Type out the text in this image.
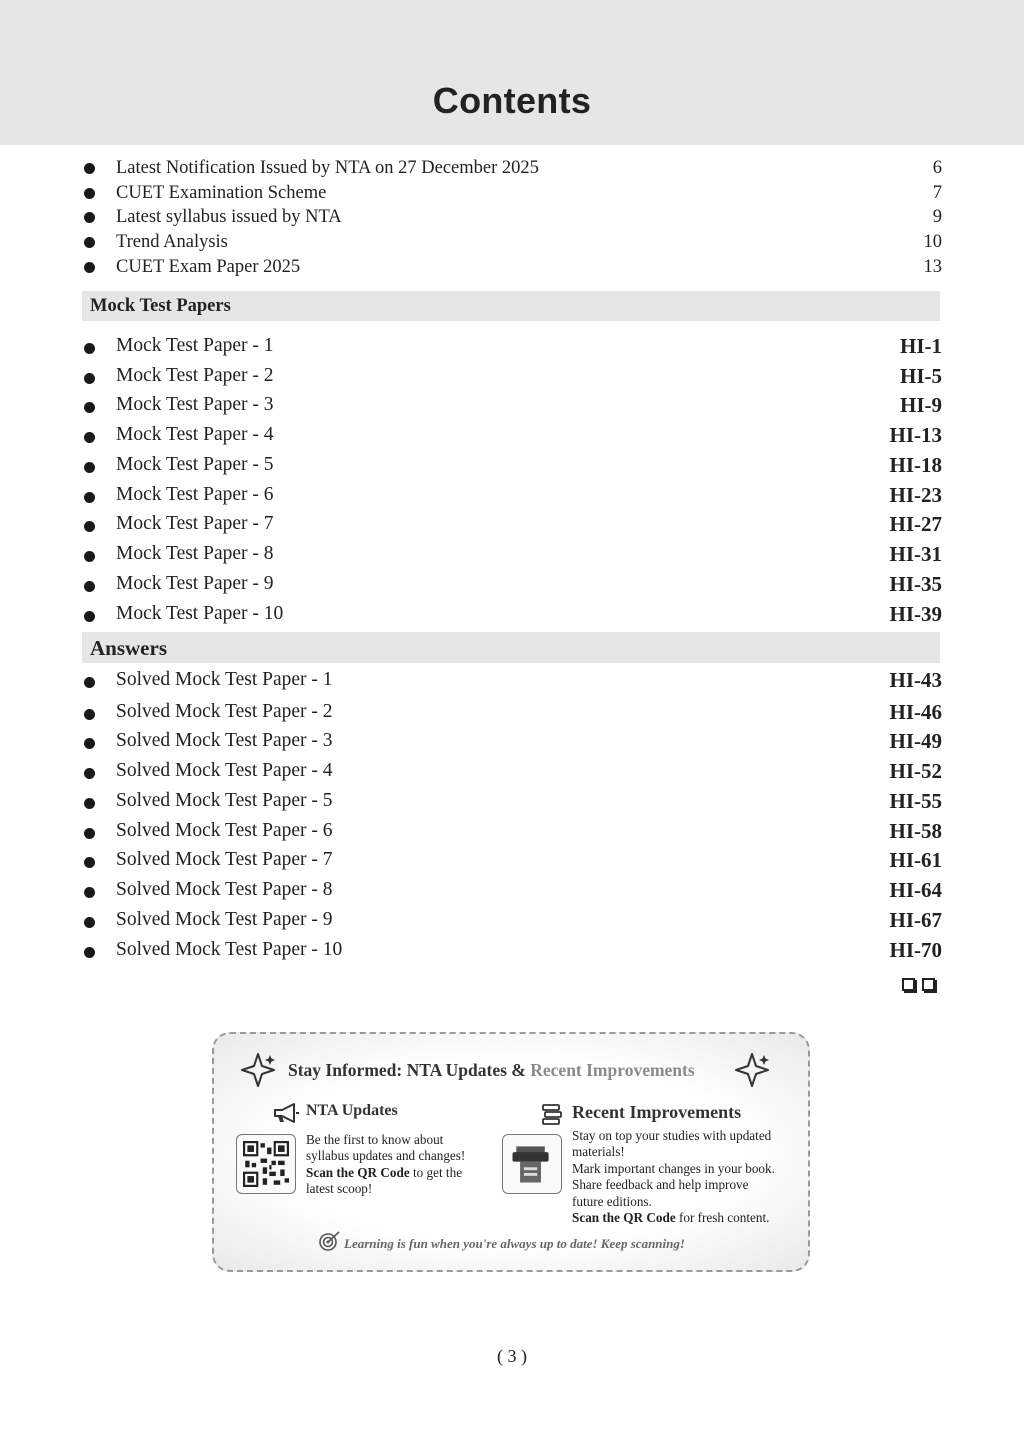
Contents
Latest Notification Issued by NTA on 27 December 2025	6
CUET Examination Scheme	7
Latest syllabus issued by NTA	9
Trend Analysis	10
CUET Exam Paper 2025	13
Mock Test Papers
Mock Test Paper - 1	HI-1
Mock Test Paper - 2	HI-5
Mock Test Paper - 3	HI-9
Mock Test Paper - 4	HI-13
Mock Test Paper - 5	HI-18
Mock Test Paper - 6	HI-23
Mock Test Paper - 7	HI-27
Mock Test Paper - 8	HI-31
Mock Test Paper - 9	HI-35
Mock Test Paper - 10	HI-39
Answers
Solved Mock Test Paper - 1	HI-43
Solved Mock Test Paper - 2	HI-46
Solved Mock Test Paper - 3	HI-49
Solved Mock Test Paper - 4	HI-52
Solved Mock Test Paper - 5	HI-55
Solved Mock Test Paper - 6	HI-58
Solved Mock Test Paper - 7	HI-61
Solved Mock Test Paper - 8	HI-64
Solved Mock Test Paper - 9	HI-67
Solved Mock Test Paper - 10	HI-70
Stay Informed: NTA Updates & Recent Improvements
NTA Updates
Be the first to know about
syllabus updates and changes!
Scan the QR Code to get the
latest scoop!
Recent Improvements
Stay on top your studies with updated
materials!
Mark important changes in your book.
Share feedback and help improve
future editions.
Scan the QR Code for fresh content.
Learning is fun when you're always up to date! Keep scanning!
( 3 )
